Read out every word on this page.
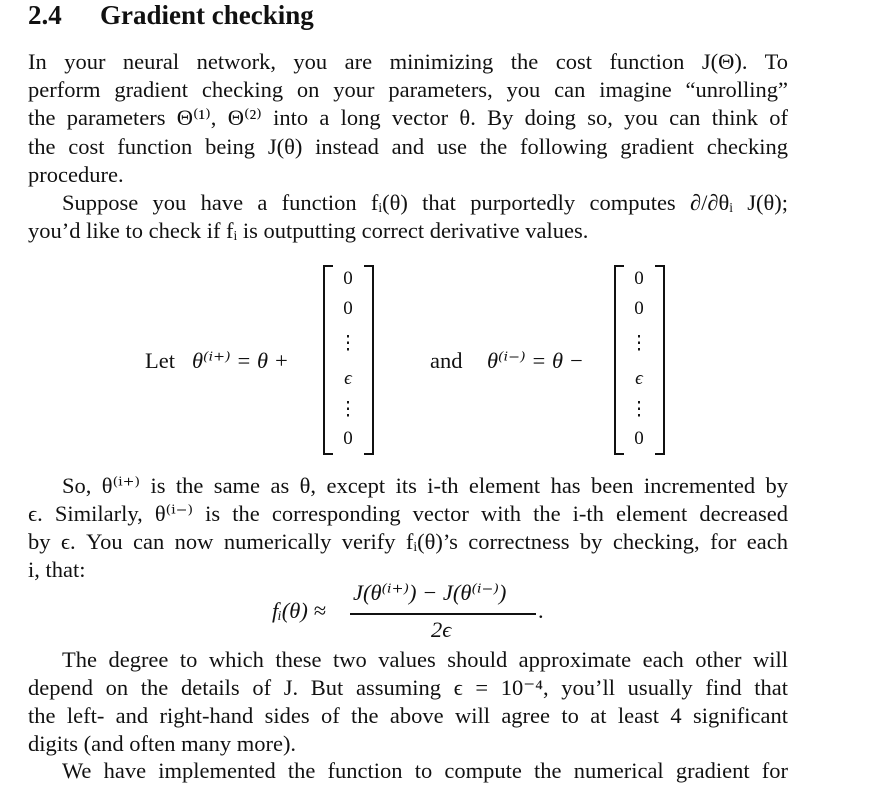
2.4 Gradient checking
In your neural network, you are minimizing the cost function J(Θ). To
perform gradient checking on your parameters, you can imagine “unrolling”
the parameters Θ⁽¹⁾, Θ⁽²⁾ into a long vector θ. By doing so, you can think of
the cost function being J(θ) instead and use the following gradient checking
procedure.
Suppose you have a function fᵢ(θ) that purportedly computes ∂/∂θᵢ J(θ);
you’d like to check if fᵢ is outputting correct derivative values.
Let θ⁽ⁱ⁺⁾ = θ +
0
0
⋮
ϵ
⋮
0
and θ⁽ⁱ⁻⁾ = θ −
0
0
⋮
ϵ
⋮
0
So, θ⁽ⁱ⁺⁾ is the same as θ, except its i-th element has been incremented by
ϵ. Similarly, θ⁽ⁱ⁻⁾ is the corresponding vector with the i-th element decreased
by ϵ. You can now numerically verify fᵢ(θ)’s correctness by checking, for each
i, that:
fᵢ(θ) ≈
J(θ⁽ⁱ⁺⁾) − J(θ⁽ⁱ⁻⁾)
2ϵ
.
The degree to which these two values should approximate each other will
depend on the details of J. But assuming ϵ = 10⁻⁴, you’ll usually find that
the left- and right-hand sides of the above will agree to at least 4 significant
digits (and often many more).
We have implemented the function to compute the numerical gradient for
